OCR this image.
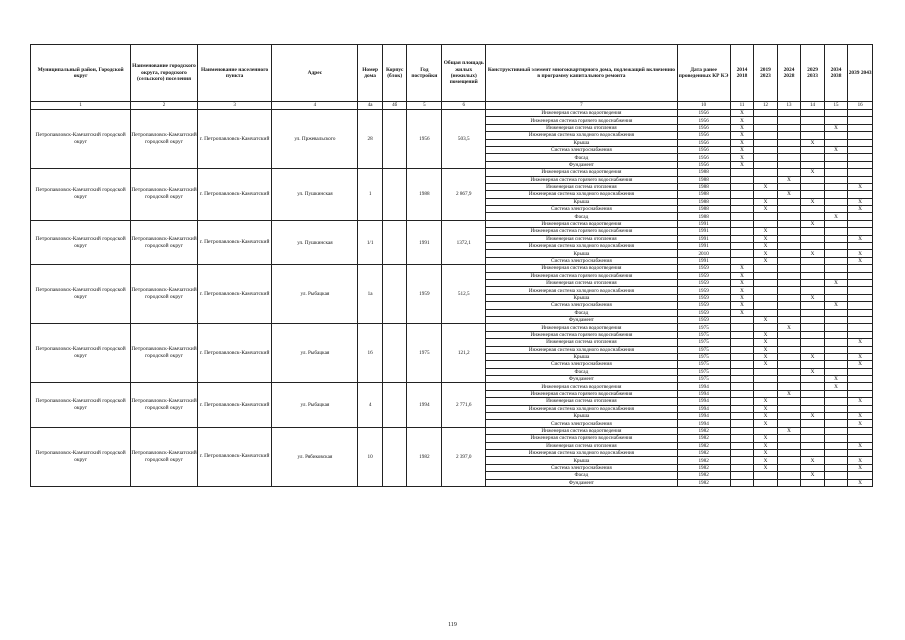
Муниципальный район, Городской округ	Наименование городского округа, городского (сельского) поселения	Наименование населенного пункта	Адрес	Номер дома	Корпус (блок)	Год постройки	Общая площадь жилых (нежилых) помещений	Конструктивный элемент многоквартирного дома, подлежащий включению в программу капитального ремонта	Дата ранее проведенных КР КЭ	2014 2018	2019 2023	2024 2028	2029 2033	2034 2038	2039 2043
1	2	3	4	4а	4б	5	6	7	10	11	12	13	14	15	16
Петропавловск-Камчатский городской округ	Петропавловск-Камчатский городской округ	г. Петропавловск-Камчатский	ул. Пржевальского	28		1956	503,5	Инженерная система водоотведения	1956	X					
								Инженерная система горячего водоснабжения	1956	X					
								Инженерная система отопления	1956	X				X	
								Инженерная система холодного водоснабжения	1956	X					
								Крыша	1956	X			X		
								Система электроснабжения	1956	X				X	
								Фасад	1956	X					
								Фундамент	1956	X					
Петропавловск-Камчатский городской округ	Петропавловск-Камчатский городской округ	г. Петропавловск-Камчатский	ул. Пушкинская	1		1988	2 867,9	Инженерная система водоотведения	1988				X		
								Инженерная система горячего водоснабжения	1988			X			
								Инженерная система отопления	1988		X				X
								Инженерная система холодного водоснабжения	1988			X			
								Крыша	1988		X		X		X
								Система электроснабжения	1988		X				X
								Фасад	1988					X	
Петропавловск-Камчатский городской округ	Петропавловск-Камчатский городской округ	г. Петропавловск-Камчатский	ул. Пушкинская	1/1		1991	1372,1	Инженерная система водоотведения	1991				X		
								Инженерная система горячего водоснабжения	1991		X				
								Инженерная система отопления	1991		X				X
								Инженерная система холодного водоснабжения	1991		X				
								Крыша	2010		X		X		X
								Система электроснабжения	1991		X				X
Петропавловск-Камчатский городской округ	Петропавловск-Камчатский городской округ	г. Петропавловск-Камчатский	ул. Рыбацкая	1а		1959	512,5	Инженерная система водоотведения	1959	X					
								Инженерная система горячего водоснабжения	1959	X					
								Инженерная система отопления	1959	X				X	
								Инженерная система холодного водоснабжения	1959	X					
								Крыша	1959	X			X		
								Система электроснабжения	1959	X				X	
								Фасад	1959	X					
								Фундамент	1959		X				
Петропавловск-Камчатский городской округ	Петропавловск-Камчатский городской округ	г. Петропавловск-Камчатский	ул. Рыбацкая	16		1975	121,2	Инженерная система водоотведения	1975			X			
								Инженерная система горячего водоснабжения	1975		X				
								Инженерная система отопления	1975		X				X
								Инженерная система холодного водоснабжения	1975		X				
								Крыша	1975		X		X		X
								Система электроснабжения	1975		X				X
								Фасад	1975				X		
								Фундамент	1975					X	
Петропавловск-Камчатский городской округ	Петропавловск-Камчатский городской округ	г. Петропавловск-Камчатский	ул. Рыбацкая	4		1994	2 771,6	Инженерная система водоотведения	1994					X	
								Инженерная система горячего водоснабжения	1994			X			
								Инженерная система отопления	1994		X				X
								Инженерная система холодного водоснабжения	1994		X				
								Крыша	1994		X		X		X
								Система электроснабжения	1994		X				X
Петропавловск-Камчатский городской округ	Петропавловск-Камчатский городской округ	г. Петропавловск-Камчатский	ул. Рябиковская	10		1982	2 397,0	Инженерная система водоотведения	1982			X			
								Инженерная система горячего водоснабжения	1982		X				
								Инженерная система отопления	1982		X				X
								Инженерная система холодного водоснабжения	1982		X				
								Крыша	1982		X		X		X
								Система электроснабжения	1982		X				X
								Фасад	1982				X		
								Фундамент	1982						X
119
